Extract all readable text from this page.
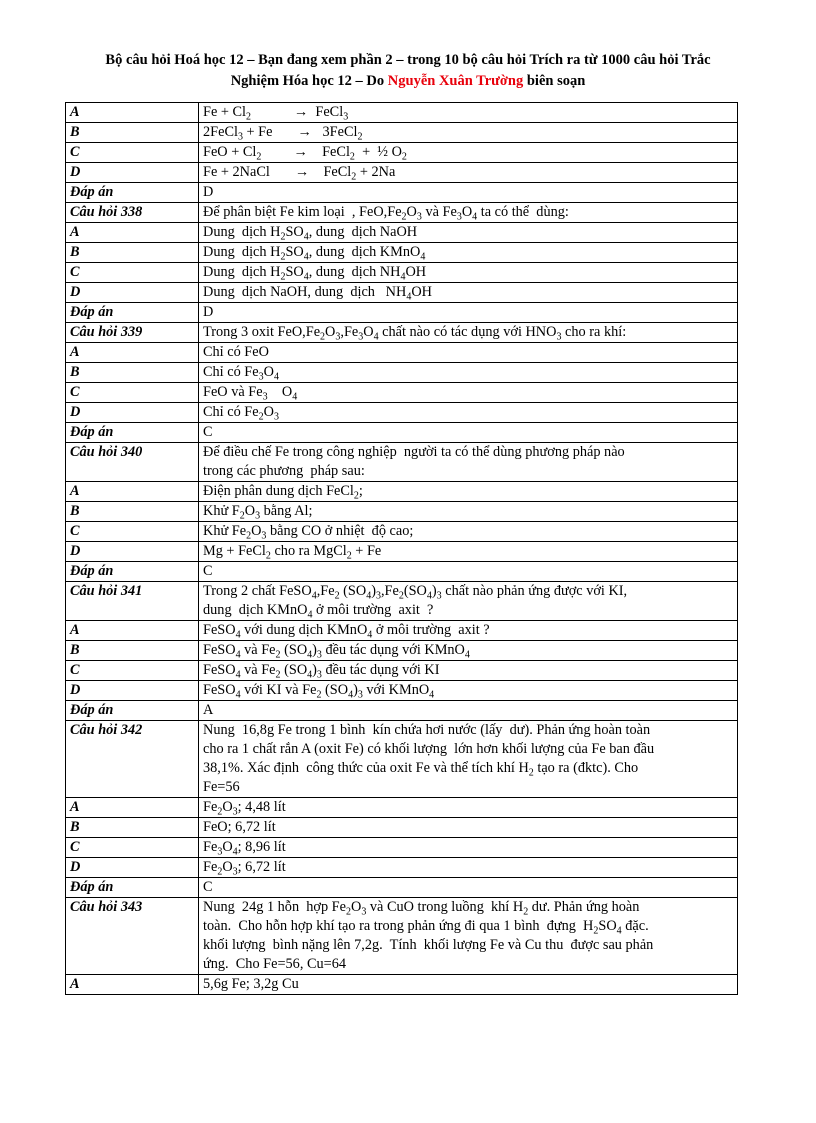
Bộ câu hỏi Hoá học 12 – Bạn đang xem phần 2 – trong 10 bộ câu hỏi Trích ra từ 1000 câu hỏi Trắc
Nghiệm Hóa học 12 – Do Nguyễn Xuân Trường biên soạn
A	$Fe + Cl_2$            →  FeCl$_3$
B	2FeCl$_3$ + Fe       →   3FeCl$_2$
C	FeO + $Cl_2$         →    FeCl$_2$  +  ½ $O_2$
D	Fe + 2NaCl       →    FeCl$_2$ + 2Na
Đáp án	D
Câu hỏi 338	Để phân biệt Fe kim loại  , $FeO,Fe_2O_3$ và $Fe_3O_4$ ta có thể  dùng:
A	Dung  dịch $H_2SO_4$, dung  dịch NaOH
B	Dung  dịch $H_2SO_4$, dung  dịch KMnO$_4$
C	Dung  dịch $H_2SO_4$, dung  dịch $NH_4OH$
D	Dung  dịch NaOH, dung  dịch   $NH_4OH$
Đáp án	D
Câu hỏi 339	Trong 3 oxit $FeO,Fe_2O_3,Fe_3O_4$ chất nào có tác dụng với $HNO_3$ cho ra khí:
A	Chỉ có FeO
B	Chỉ có $Fe_3O_4$
C	FeO và $Fe_3$    $O_4$
D	Chỉ có $Fe_2O_3$
Đáp án	C
Câu hỏi 340	Để điều chế Fe trong công nghiệp  người ta có thể dùng phương pháp nào
trong các phương  pháp sau:
A	Điện phân dung dịch FeCl$_2$;
B	Khử $F_2O_3$ bằng Al;
C	Khử $Fe_2O_3$ bằng CO ở nhiệt  độ cao;
D	Mg + FeCl$_2$ cho ra MgCl$_2$ + Fe
Đáp án	C
Câu hỏi 341	Trong 2 chất $FeSO_4,Fe_2$ $(SO_4)_3,Fe_2(SO_4)_3$ chất nào phản ứng được với KI,
dung  dịch KMnO$_4$ ở môi trường  axit  ?
A	FeSO$_4$ với dung dịch KMnO$_4$ ở môi trường  axit ?
B	FeSO$_4$ và $Fe_2$ $(SO_4)_3$ đều tác dụng với KMnO$_4$
C	FeSO$_4$ và $Fe_2$ $(SO_4)_3$ đều tác dụng với KI
D	FeSO$_4$ với KI và $Fe_2$ $(SO_4)_3$ với KMnO$_4$
Đáp án	A
Câu hỏi 342	Nung  16,8g Fe trong 1 bình  kín chứa hơi nước (lấy  dư). Phản ứng hoàn toàn
cho ra 1 chất rắn A (oxit Fe) có khối lượng  lớn hơn khối lượng của Fe ban đầu
38,1%. Xác định  công thức của oxit Fe và thể tích khí $H_2$ tạo ra (đktc). Cho
Fe=56
A	$Fe_2O_3$; 4,48 lít
B	FeO; 6,72 lít
C	$Fe_3O_4$; 8,96 lít
D	$Fe_2O_3$; 6,72 lít
Đáp án	C
Câu hỏi 343	Nung  24g 1 hỗn  hợp $Fe_2O_3$ và CuO trong luồng  khí $H_2$ dư. Phản ứng hoàn
toàn.  Cho hỗn hợp khí tạo ra trong phản ứng đi qua 1 bình  đựng  $H_2SO_4$ đặc.
khối lượng  bình nặng lên 7,2g.  Tính  khối lượng Fe và Cu thu  được sau phản
ứng.  Cho Fe=56, Cu=64
A	5,6g Fe; 3,2g Cu
